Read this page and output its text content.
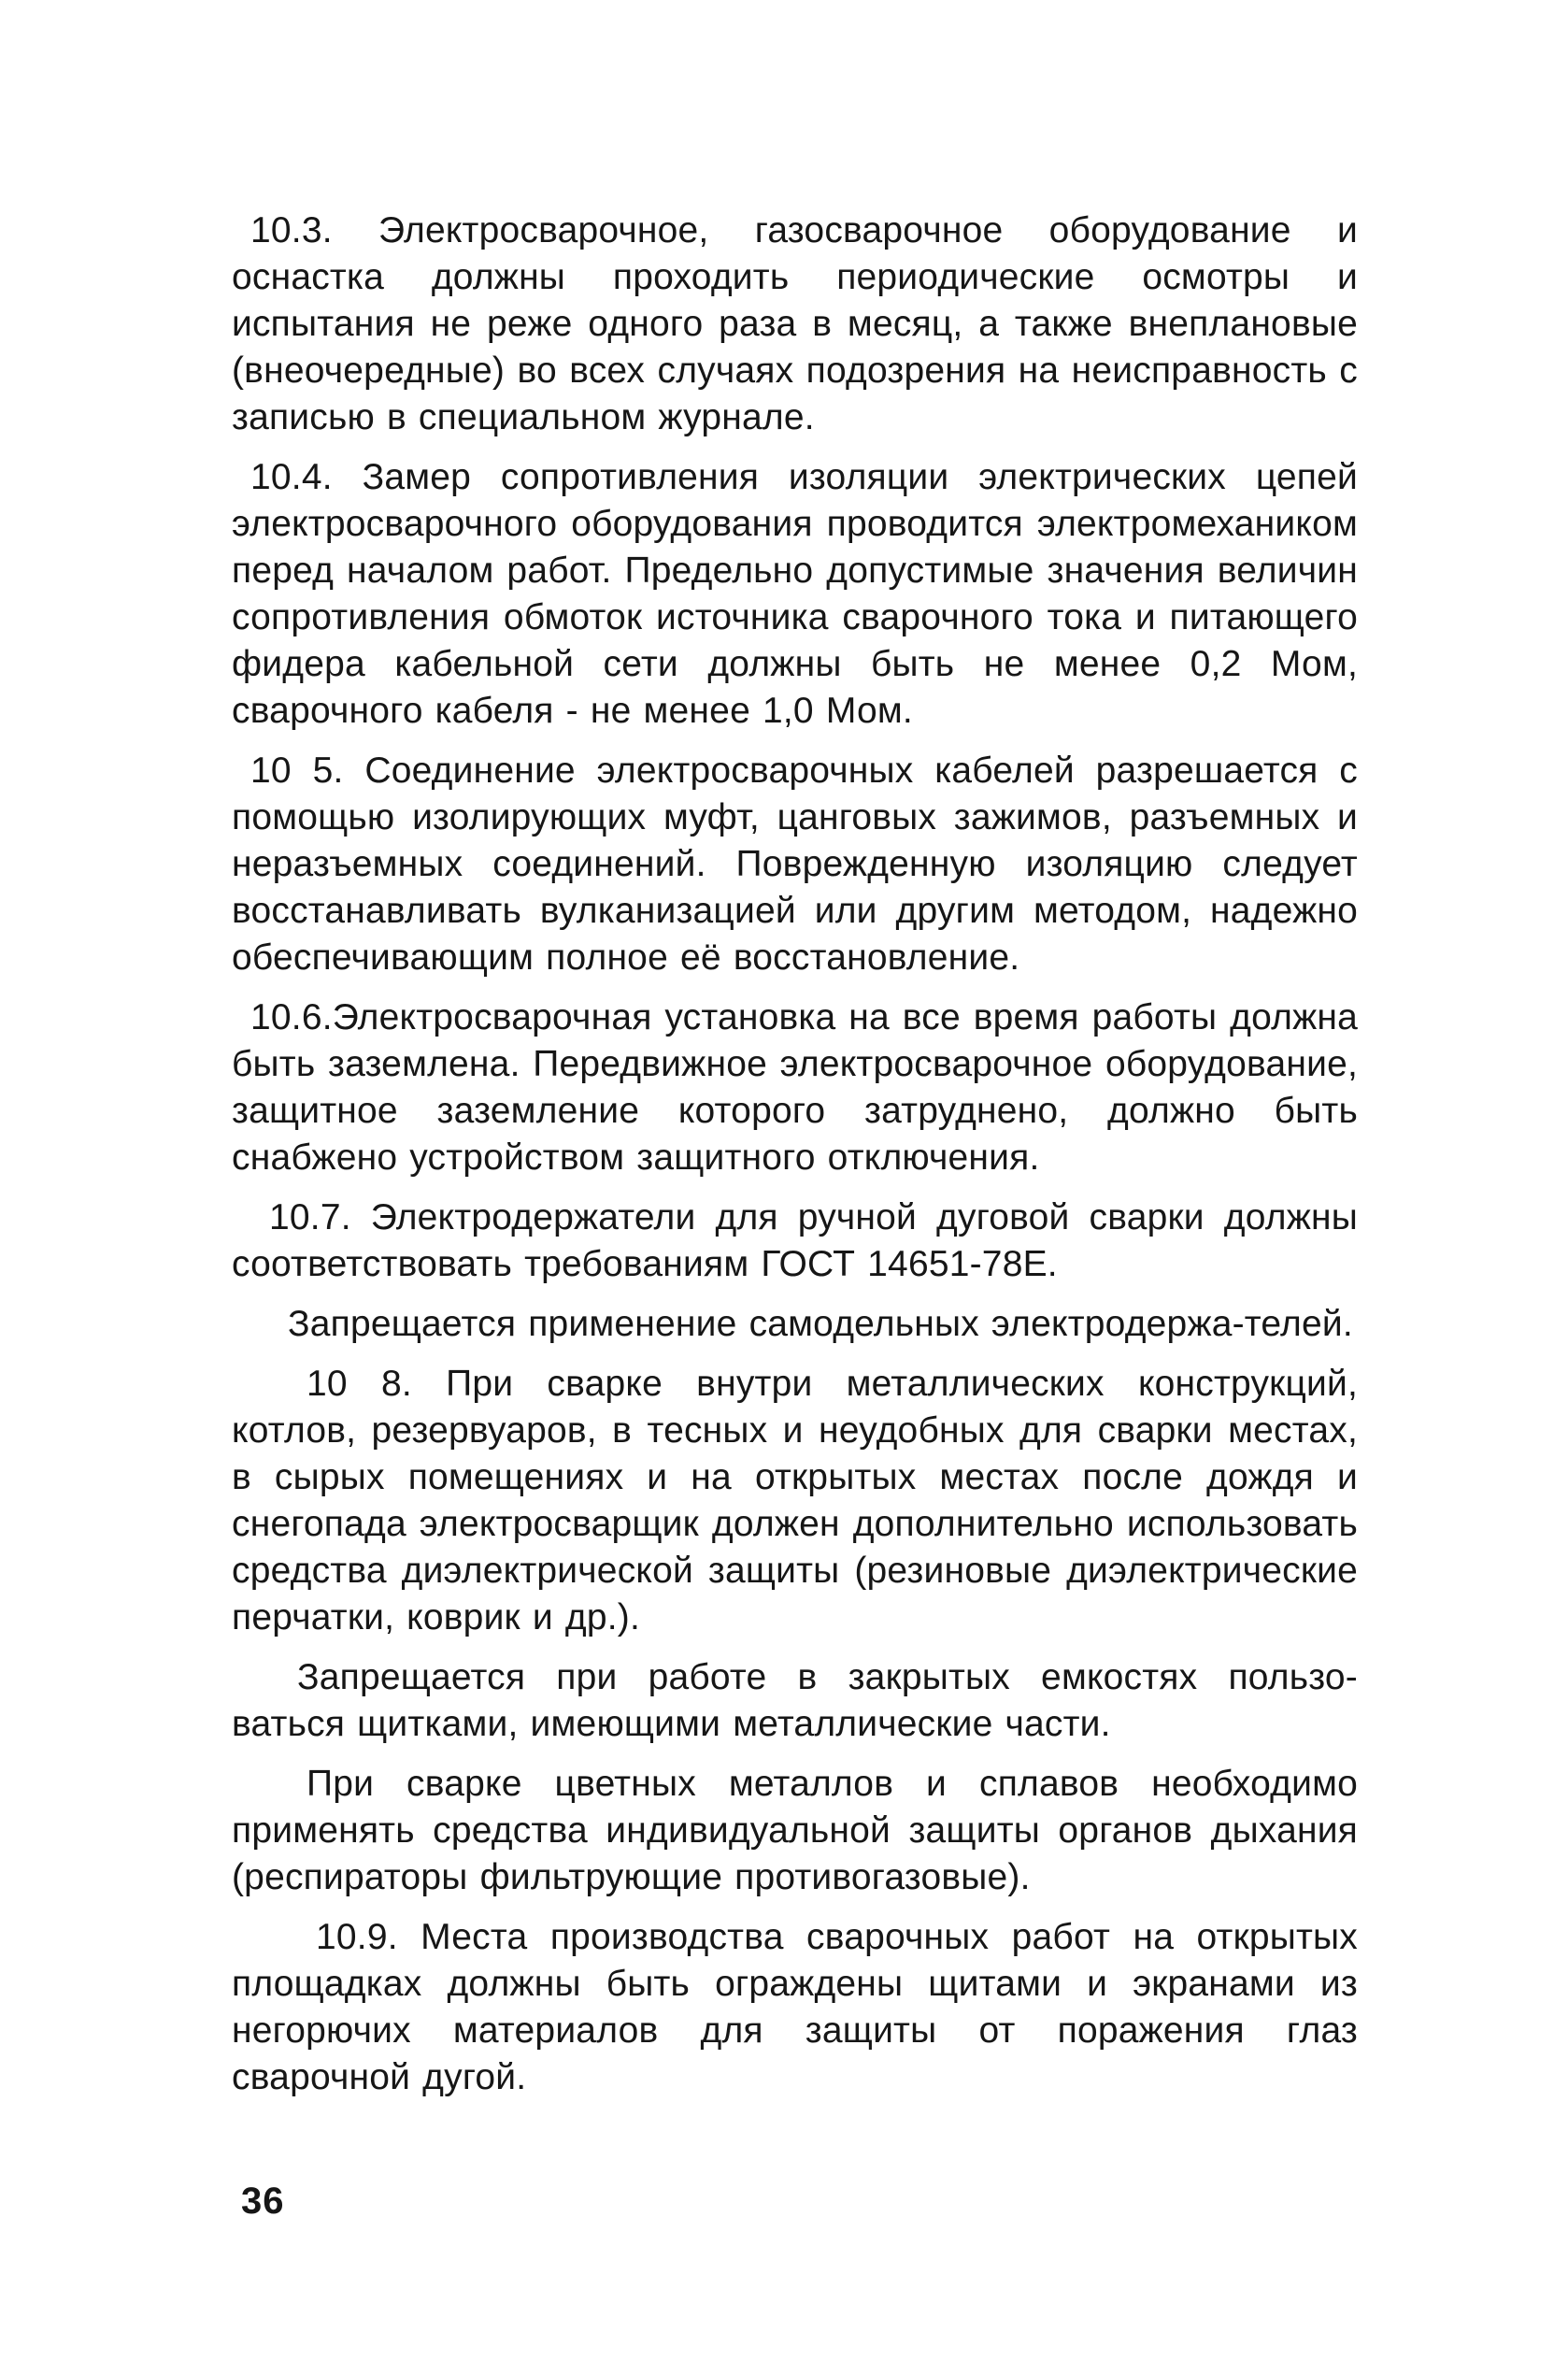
10.3. Электросварочное, газосварочное оборудование и оснастка должны проходить периодические осмотры и испытания не реже одного раза в месяц, а также внеплановые (внеочередные) во всех случаях подозрения на неисправность с записью в специальном журнале.

10.4. Замер сопротивления изоляции электрических цепей электросварочного оборудования проводится электромехаником перед началом работ. Предельно допустимые значения величин сопротивления обмоток источника сварочного тока и питающего фидера кабельной сети должны быть не менее 0,2 Мом, сварочного кабеля - не менее 1,0 Мом.

10 5. Соединение электросварочных кабелей разрешается с помощью изолирующих муфт, цанговых зажимов, разъемных и неразъемных соединений. Поврежденную изоляцию следует восстанавливать вулканизацией или другим методом, надежно обеспечивающим полное её восстановление.

10.6.Электросварочная установка на все время работы должна быть заземлена. Передвижное электросварочное оборудование, защитное заземление которого затруднено, должно быть снабжено устройством защитного отключения.

10.7. Электродержатели для ручной дуговой сварки должны соответствовать требованиям ГОСТ 14651-78Е.

Запрещается применение самодельных электродержа-телей.

10 8. При сварке внутри металлических конструкций, котлов, резервуаров, в тесных и неудобных для сварки местах, в сырых помещениях и на открытых местах после дождя и снегопада электросварщик должен дополнительно использовать средства диэлектрической защиты (резиновые диэлектрические перчатки, коврик и др.).

Запрещается при работе в закрытых емкостях пользо-ваться щитками, имеющими металлические части.

При сварке цветных металлов и сплавов необходимо применять средства индивидуальной защиты органов дыхания (респираторы фильтрующие противогазовые).

10.9. Места производства сварочных работ на открытых площадках должны быть ограждены щитами и экранами из негорючих материалов для защиты от поражения глаз сварочной дугой.

36
